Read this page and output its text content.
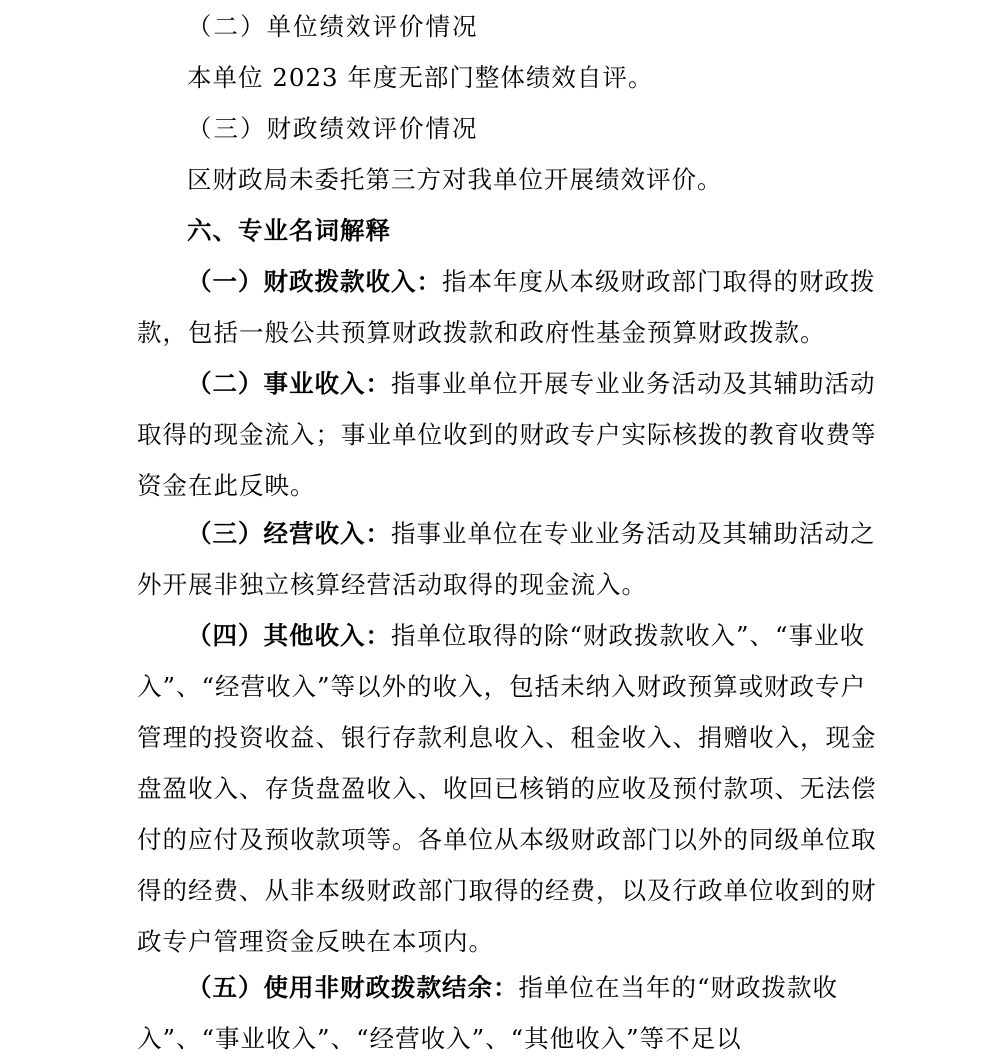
（二）单位绩效评价情况

本单位 2023 年度无部门整体绩效自评。

（三）财政绩效评价情况

区财政局未委托第三方对我单位开展绩效评价。

六、专业名词解释

（一）财政拨款收入：指本年度从本级财政部门取得的财政拨款，包括一般公共预算财政拨款和政府性基金预算财政拨款。

（二）事业收入：指事业单位开展专业业务活动及其辅助活动取得的现金流入；事业单位收到的财政专户实际核拨的教育收费等资金在此反映。

（三）经营收入：指事业单位在专业业务活动及其辅助活动之外开展非独立核算经营活动取得的现金流入。

（四）其他收入：指单位取得的除“财政拨款收入”、“事业收入”、“经营收入”等以外的收入，包括未纳入财政预算或财政专户管理的投资收益、银行存款利息收入、租金收入、捐赠收入，现金盘盈收入、存货盘盈收入、收回已核销的应收及预付款项、无法偿付的应付及预收款项等。各单位从本级财政部门以外的同级单位取得的经费、从非本级财政部门取得的经费，以及行政单位收到的财政专户管理资金反映在本项内。

（五）使用非财政拨款结余：指单位在当年的“财政拨款收入”、“事业收入”、“经营收入”、“其他收入”等不足以
